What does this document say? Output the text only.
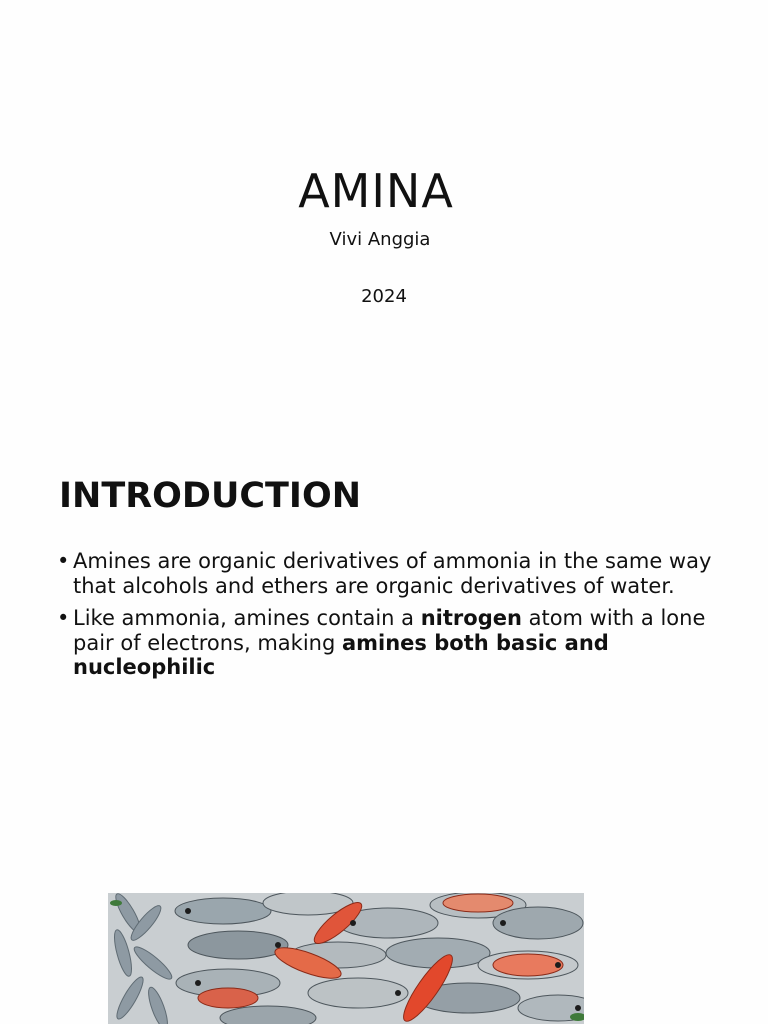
AMINA
Vivi Anggia
2024
INTRODUCTION
• Amines are organic derivatives of ammonia in the same way that alcohols and ethers are organic derivatives of water.
• Like ammonia, amines contain a nitrogen atom with a lone pair of electrons, making amines both basic and nucleophilic
